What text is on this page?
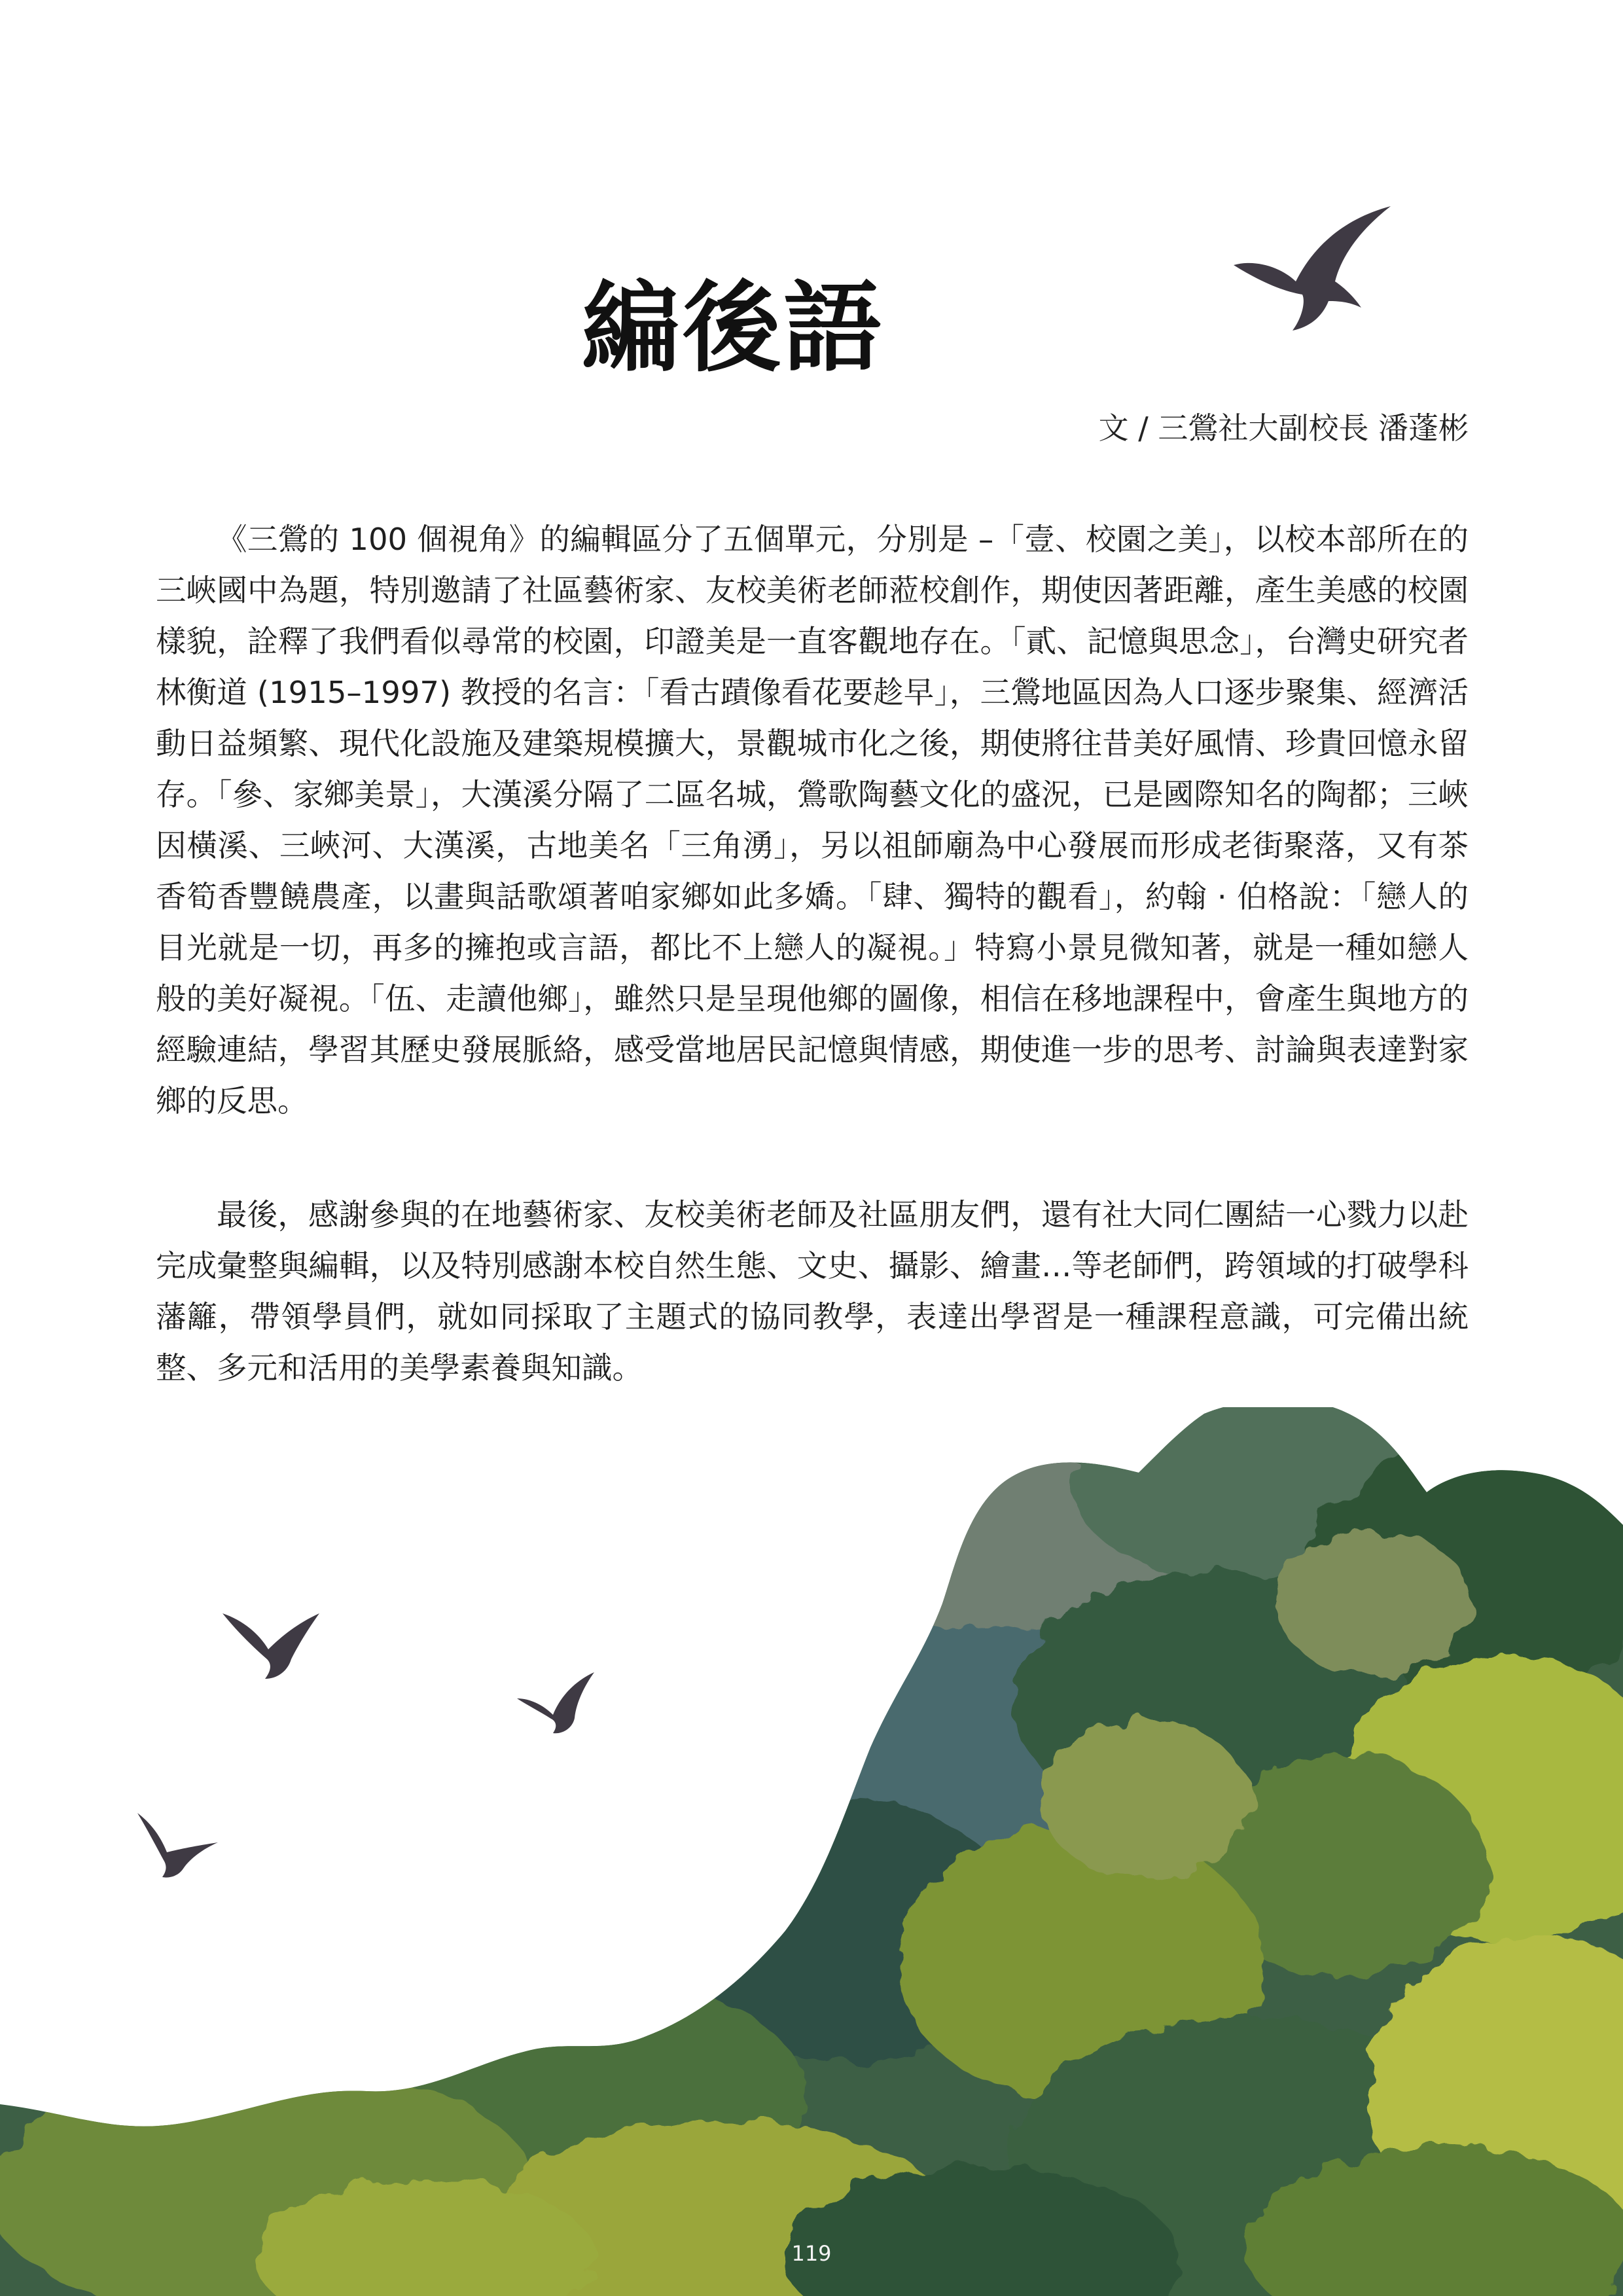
編後語
文 / 三鶯社大副校長 潘蓬彬

《三鶯的 100 個視角》的編輯區分了五個單元，分別是 –「壹、校園之美」，以校本部所在的三峽國中為題，特別邀請了社區藝術家、友校美術老師蒞校創作，期使因著距離，產生美感的校園樣貌，詮釋了我們看似尋常的校園，印證美是一直客觀地存在。「貳、記憶與思念」，台灣史研究者林衡道 (1915–1997) 教授的名言：「看古蹟像看花要趁早」，三鶯地區因為人口逐步聚集、經濟活動日益頻繁、現代化設施及建築規模擴大，景觀城市化之後，期使將往昔美好風情、珍貴回憶永留存。「參、家鄉美景」，大漢溪分隔了二區名城，鶯歌陶藝文化的盛況，已是國際知名的陶都；三峽因橫溪、三峽河、大漢溪，古地美名「三角湧」，另以祖師廟為中心發展而形成老街聚落，又有茶香筍香豐饒農產，以畫與話歌頌著咱家鄉如此多嬌。「肆、獨特的觀看」，約翰 · 伯格說：「戀人的目光就是一切，再多的擁抱或言語，都比不上戀人的凝視。」特寫小景見微知著，就是一種如戀人般的美好凝視。「伍、走讀他鄉」，雖然只是呈現他鄉的圖像，相信在移地課程中，會產生與地方的經驗連結，學習其歷史發展脈絡，感受當地居民記憶與情感，期使進一步的思考、討論與表達對家鄉的反思。

最後，感謝參與的在地藝術家、友校美術老師及社區朋友們，還有社大同仁團結一心戮力以赴完成彙整與編輯，以及特別感謝本校自然生態、文史、攝影、繪畫…等老師們，跨領域的打破學科藩籬，帶領學員們，就如同採取了主題式的協同教學，表達出學習是一種課程意識，可完備出統整、多元和活用的美學素養與知識。

119
